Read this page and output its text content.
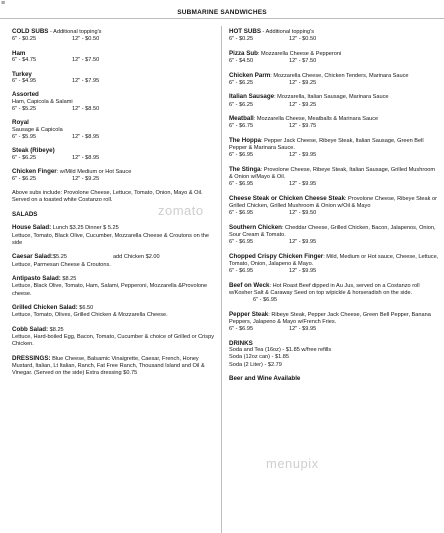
≡
SUBMARINE SANDWICHES
COLD SUBS - Additional topping's
6" - $0.25	12" - $0.50
Ham
6" - $4.75	12" - $7.50
Turkey
6" - $4.95	12" - $7.95
Assorted
Ham, Capicola & Salami
6" - $5.25	12" - $8.50
Royal
Sausage & Capicola
6" - $5.95	12" - $8.95
Steak (Ribeye)
6" - $6.25	12" - $8.95
Chicken Finger: w/Mild Medium or Hot Sauce
6" - $6.25	12" - $9.25
Above subs include: Provolone Cheese, Lettuce, Tomato, Onion, Mayo & Oil. Served on a toasted white Costanzo roll.
SALADS
House Salad: Lunch $3.25 Dinner $ 5.25
Lettuce, Tomato, Black Olive, Cucumber, Mozzarella Cheese & Croutons on the side
Caesar Salad:$5.25	add Chicken $2.00
Lettuce, Parmesan Cheese & Croutons.
Antipasto Salad: $8.25
Lettuce, Black Olive, Tomato, Ham, Salami, Pepperoni, Mozzarella &Provolone cheese.
Grilled Chicken Salad: $6.50
Lettuce, Tomato, Olives, Grilled Chicken & Mozzarella Cheese.
Cobb Salad: $8.25
Lettuce, Hard-boiled Egg, Bacon, Tomato, Cucumber & choice of Grilled or Crispy Chicken.
DRESSINGS: Blue Cheese, Balsamic Vinaigrette, Caesar, French, Honey Mustard, Italian, Lt Italian, Ranch, Fat Free Ranch, Thousand Island and Oil & Vinegar. (Served on the side) Extra dressing $0.75
HOT SUBS - Additional topping's
6" - $0.25	12" - $0.50
Pizza Sub: Mozzarella Cheese & Pepperoni
6" - $4.50	12" - $7.50
Chicken Parm: Mozzarella Cheese, Chicken Tenders, Marinara Sauce
6" - $6.25	12" - $9.25
Italian Sausage: Mozzarella, Italian Sausage, Marinara Sauce
6" - $6.25	12" - $9.25
Meatball: Mozzarella Cheese, Meatballs & Marinara Sauce
6" - $6.75	12" - $9.75
The Hoppa: Pepper Jack Cheese, Ribeye Steak, Italian Sausage, Green Bell Pepper & Marinara Sauce.
6" - $6.95	12" - $9.95
The Stinga: Provolone Cheese, Ribeye Steak, Italian Sausage, Grilled Mushroom & Onion w/Mayo & Oil.
6" - $6.95	12" - $9.95
Cheese Steak or Chicken Cheese Steak: Provolone Cheese, Ribeye Steak or Grilled Chicken, Grilled Mushroom & Onion w/Oil & Mayo
6" - $6.95	12" - $9.50
Southern Chicken: Cheddar Cheese, Grilled Chicken, Bacon, Jalapenos, Onion, Sour Cream & Tomato.
6" - $6.95	12" - $9.95
Chopped Crispy Chicken Finger: Mild, Medium or Hot sauce, Cheese, Lettuce, Tomato, Onion, Jalapeno & Mayo.
6" - $6.95	12" - $9.95
Beef on Weck: Hot Roast Beef dipped in Au Jus, served on a Costanzo roll w/Kosher Salt & Caraway Seed on top w/pickle & horseradish on the side.
6" - $6.95
Pepper Steak: Ribeye Steak, Pepper Jack Cheese, Green Bell Pepper, Banana Peppers, Jalapeno & Mayo w/French Fries.
6" - $6.95	12" - $9.95
DRINKS
Soda and Tea (16oz) - $1.85 w/free refills
Soda (12oz can) - $1.85
Soda (2 Liter) - $2.79
Beer and Wine Available
zomato
menupix
